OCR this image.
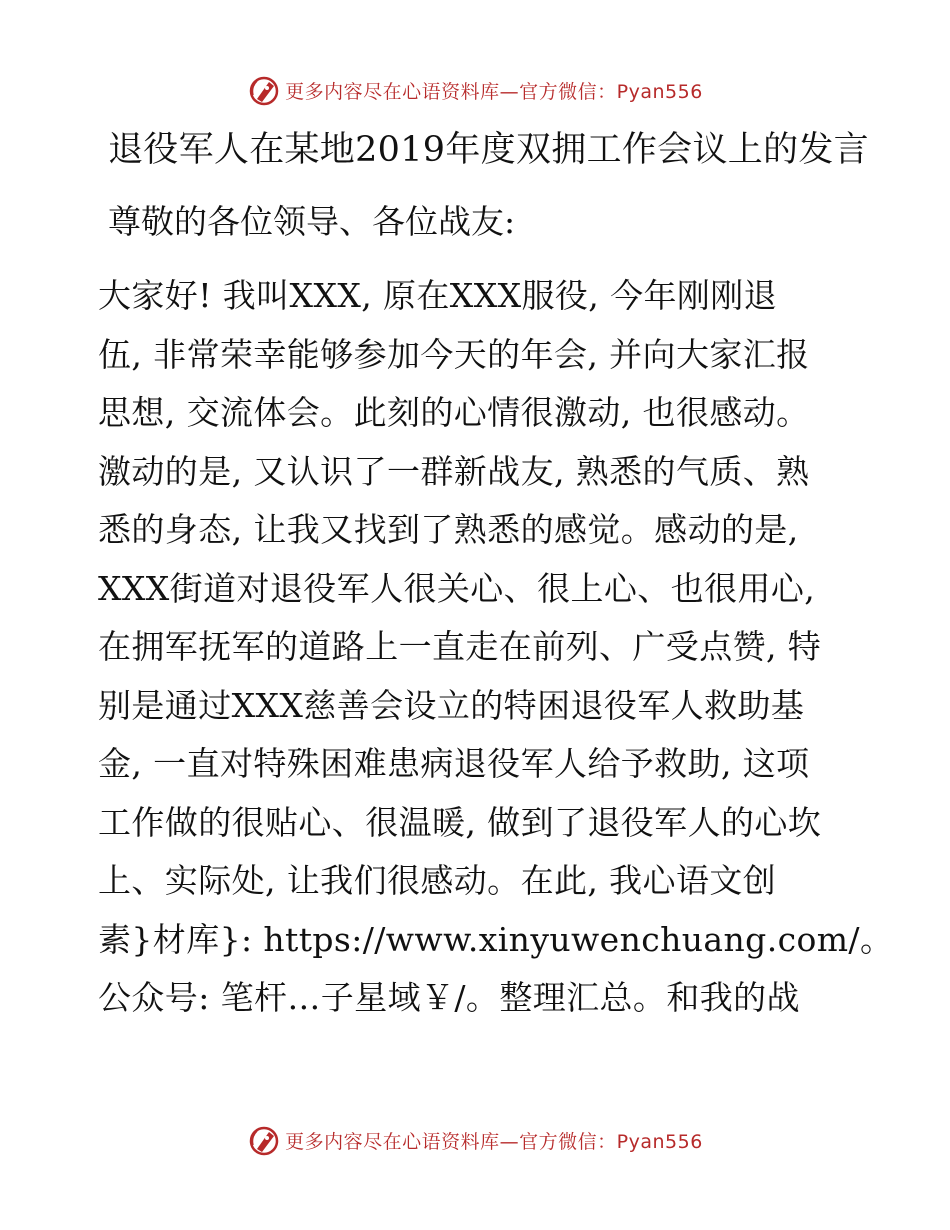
更多内容尽在心语资料库—官方微信：Pyan556
退役军人在某地2019年度双拥工作会议上的发言
尊敬的各位领导、各位战友:
大家好! 我叫XXX, 原在XXX服役, 今年刚刚退
伍, 非常荣幸能够参加今天的年会, 并向大家汇报
思想, 交流体会。此刻的心情很激动, 也很感动。
激动的是, 又认识了一群新战友, 熟悉的气质、熟
悉的身态, 让我又找到了熟悉的感觉。感动的是,
XXX街道对退役军人很关心、很上心、也很用心,
在拥军抚军的道路上一直走在前列、广受点赞, 特
别是通过XXX慈善会设立的特困退役军人救助基
金, 一直对特殊困难患病退役军人给予救助, 这项
工作做的很贴心、很温暖, 做到了退役军人的心坎
上、实际处, 让我们很感动。在此, 我心语文创
素}材库}: https://www.xinyuwenchuang.com/。
公众号: 笔杆…子星域￥/。整理汇总。和我的战
更多内容尽在心语资料库—官方微信：Pyan556
